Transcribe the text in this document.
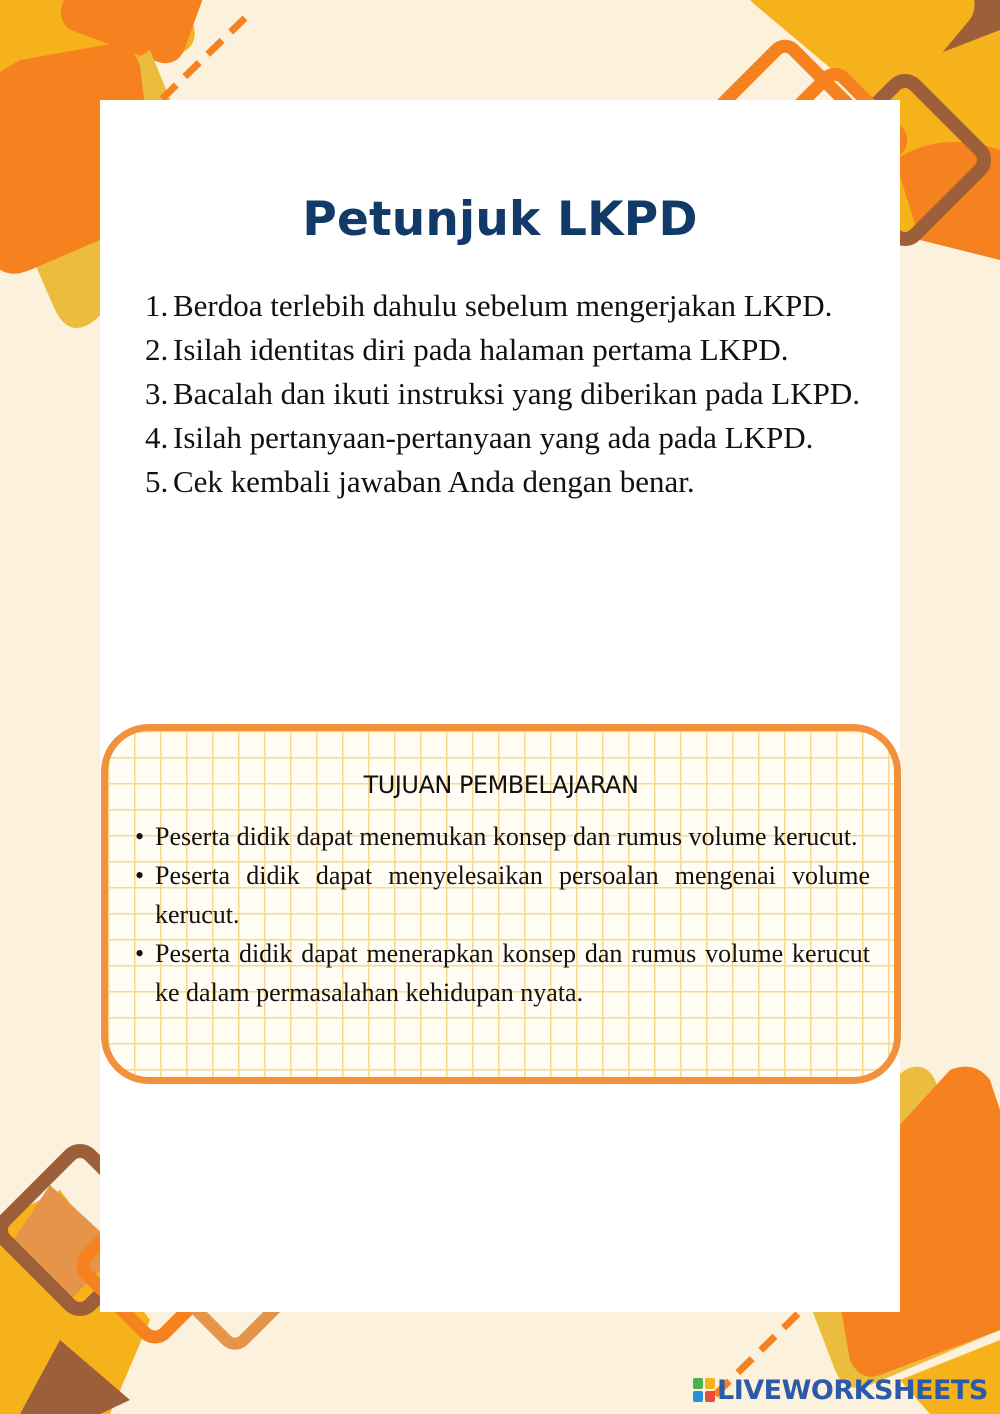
Petunjuk LKPD
1. Berdoa terlebih dahulu sebelum mengerjakan LKPD.
2. Isilah identitas diri pada halaman pertama LKPD.
3. Bacalah dan ikuti instruksi yang diberikan pada LKPD.
4. Isilah pertanyaan-pertanyaan yang ada pada LKPD.
5. Cek kembali jawaban Anda dengan benar.
TUJUAN PEMBELAJARAN
• Peserta didik dapat menemukan konsep dan rumus volume kerucut.
• Peserta didik dapat menyelesaikan persoalan mengenai volume kerucut.
• Peserta didik dapat menerapkan konsep dan rumus volume kerucut ke dalam permasalahan kehidupan nyata.
LIVEWORKSHEETS
